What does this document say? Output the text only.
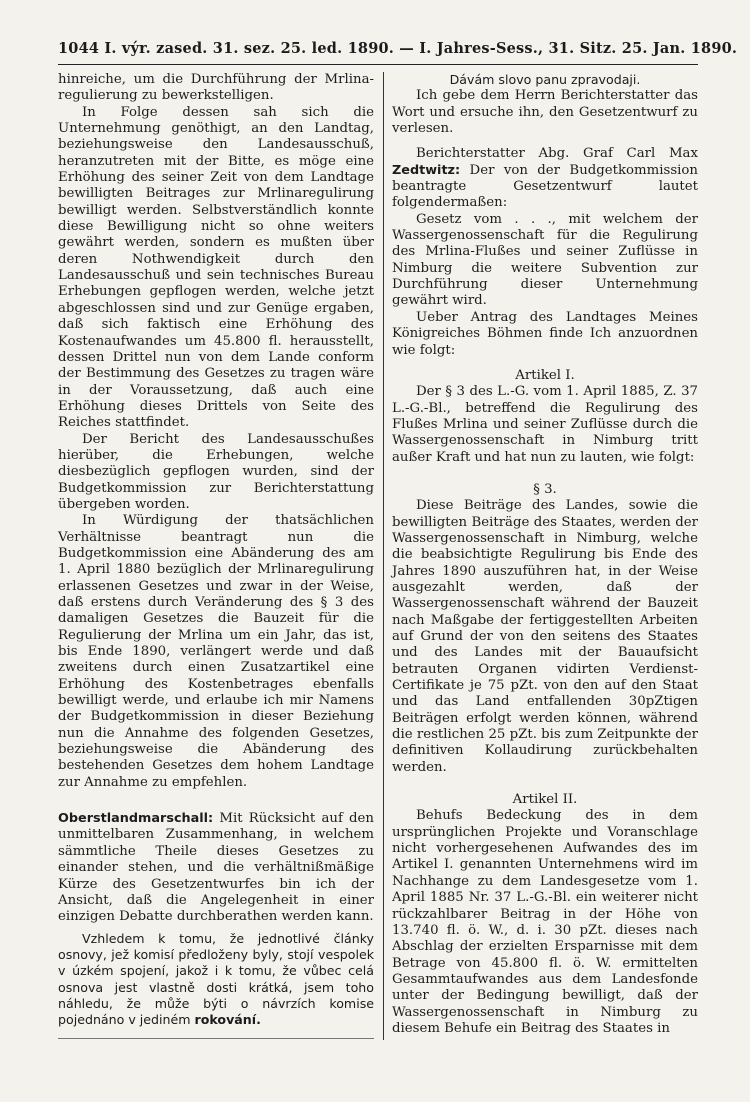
1044 I. výr. zased. 31. sez. 25. led. 1890. — I. Jahres-Sess., 31. Sitz. 25. Jan. 1890.

hinreiche, um die Durchführung der Mrlina-regulierung zu bewerkstelligen.

In Folge dessen sah sich die Unternehmung genöthigt, an den Landtag, beziehungsweise den Landesausschuß, heranzutreten mit der Bitte, es möge eine Erhöhung des seiner Zeit von dem Landtage bewilligten Beitrages zur Mrlinaregulirung bewilligt werden. Selbstverständlich konnte diese Bewilligung nicht so ohne weiters gewährt werden, sondern es mußten über deren Nothwendigkeit durch den Landesausschuß und sein technisches Bureau Erhebungen gepflogen werden, welche jetzt abgeschlossen sind und zur Genüge ergaben, daß sich faktisch eine Erhöhung des Kostenaufwandes um 45.800 fl. herausstellt, dessen Drittel nun von dem Lande conform der Bestimmung des Gesetzes zu tragen wäre in der Voraussetzung, daß auch eine Erhöhung dieses Drittels von Seite des Reiches stattfindet.

Der Bericht des Landesausschußes hierüber, die Erhebungen, welche diesbezüglich gepflogen wurden, sind der Budgetkommission zur Berichterstattung übergeben worden.

In Würdigung der thatsächlichen Verhältnisse beantragt nun die Budgetkommission eine Abänderung des am 1. April 1880 bezüglich der Mrlinaregulirung erlassenen Gesetzes und zwar in der Weise, daß erstens durch Veränderung des § 3 des damaligen Gesetzes die Bauzeit für die Regulierung der Mrlina um ein Jahr, das ist, bis Ende 1890, verlängert werde und daß zweitens durch einen Zusatzartikel eine Erhöhung des Kostenbetrages ebenfalls bewilligt werde, und erlaube ich mir Namens der Budgetkommission in dieser Beziehung nun die Annahme des folgenden Gesetzes, beziehungsweise die Abänderung des bestehenden Gesetzes dem hohem Landtage zur Annahme zu empfehlen.

Oberstlandmarschall: Mit Rücksicht auf den unmittelbaren Zusammenhang, in welchem sämmtliche Theile dieses Gesetzes zu einander stehen, und die verhältnißmäßige Kürze des Gesetzentwurfes bin ich der Ansicht, daß die Angelegenheit in einer einzigen Debatte durchberathen werden kann.

Vzhledem k tomu, že jednotlivé články osnovy, jež komisí předloženy byly, stojí vespolek v úzkém spojení, jakož i k tomu, že vůbec celá osnova jest vlastně dosti krátká, jsem toho náhledu, že může býti o návrzích komise pojednáno v jediném rokování.

Dávám slovo panu zpravodaji.

Ich gebe dem Herrn Berichterstatter das Wort und ersuche ihn, den Gesetzentwurf zu verlesen.

Berichterstatter Abg. Graf Carl Max Zedtwitz: Der von der Budgetkommission beantragte Gesetzentwurf lautet folgendermaßen:

Gesetz vom . . ., mit welchem der Wassergenossenschaft für die Regulirung des Mrlina-Flußes und seiner Zuflüsse in Nimburg die weitere Subvention zur Durchführung dieser Unternehmung gewährt wird.

Ueber Antrag des Landtages Meines Königreiches Böhmen finde Ich anzuordnen wie folgt:

Artikel I.

Der § 3 des L.-G. vom 1. April 1885, Z. 37 L.-G.-Bl., betreffend die Regulirung des Flußes Mrlina und seiner Zuflüsse durch die Wassergenossenschaft in Nimburg tritt außer Kraft und hat nun zu lauten, wie folgt:

§ 3.

Diese Beiträge des Landes, sowie die bewilligten Beiträge des Staates, werden der Wassergenossenschaft in Nimburg, welche die beabsichtigte Regulirung bis Ende des Jahres 1890 auszuführen hat, in der Weise ausgezahlt werden, daß der Wassergenossenschaft während der Bauzeit nach Maßgabe der fertiggestellten Arbeiten auf Grund der von den seitens des Staates und des Landes mit der Bauaufsicht betrauten Organen vidirten Verdienst-Certifikate je 75 pZt. von den auf den Staat und das Land entfallenden 30pZtigen Beiträgen erfolgt werden können, während die restlichen 25 pZt. bis zum Zeitpunkte der definitiven Kollaudirung zurückbehalten werden.

Artikel II.

Behufs Bedeckung des in dem ursprünglichen Projekte und Voranschlage nicht vorhergesehenen Aufwandes des im Artikel I. genannten Unternehmens wird im Nachhange zu dem Landesgesetze vom 1. April 1885 Nr. 37 L.-G.-Bl. ein weiterer nicht rückzahlbarer Beitrag in der Höhe von 13.740 fl. ö. W., d. i. 30 pZt. dieses nach Abschlag der erzielten Ersparnisse mit dem Betrage von 45.800 fl. ö. W. ermittelten Gesammtaufwandes aus dem Landesfonde unter der Bedingung bewilligt, daß der Wassergenossenschaft in Nimburg zu diesem Behufe ein Beitrag des Staates in
